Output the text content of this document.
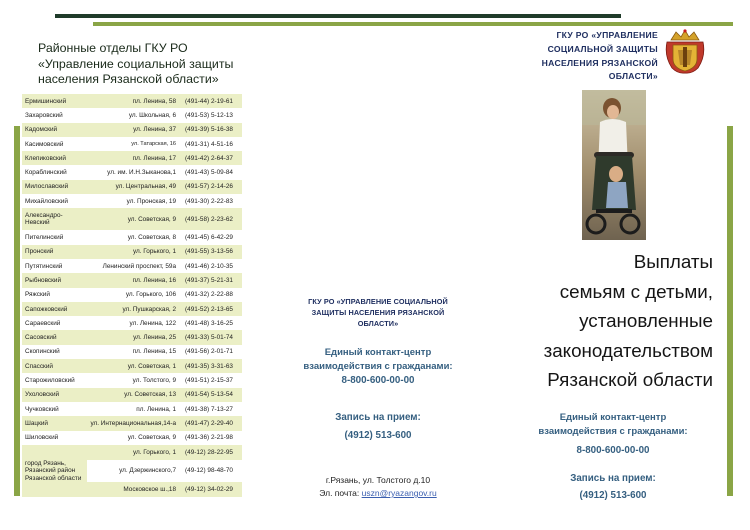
Районные отделы ГКУ РО
«Управление социальной защиты
населения Рязанской области»
Ермишинский	пл. Ленина, 58	(491-44) 2-19-61
Захаровский	ул. Школьная, 6	(491-53) 5-12-13
Кадомский	ул. Ленина, 37	(491-39) 5-16-38
Касимовский	ул. Татарская, 16	(491-31) 4-51-16
Клепиковский	пл. Ленина, 17	(491-42) 2-64-37
Кораблинский	ул. им. И.Н.Зыканова,1	(491-43) 5-09-84
Милославский	ул. Центральная, 49	(491-57) 2-14-26
Михайловский	ул. Пронская, 19	(491-30) 2-22-83
Александро-Невский	ул. Советская, 9	(491-58) 2-23-62
Пителинский	ул. Советская, 8	(491-45) 6-42-29
Пронский	ул. Горького, 1	(491-55) 3-13-56
Путятинский	Ленинский проспект, 59а	(491-46) 2-10-35
Рыбновский	пл. Ленина, 16	(491-37) 5-21-31
Ряжский	ул. Горького, 106	(491-32) 2-22-88
Сапожковский	ул. Пушкарская, 2	(491-52) 2-13-65
Сараевский	ул. Ленина, 122	(491-48) 3-16-25
Сасовский	ул. Ленина, 25	(491-33) 5-01-74
Скопинский	пл. Ленина, 15	(491-56) 2-01-71
Спасский	ул. Советская, 1	(491-35) 3-31-63
Старожиловский	ул. Толстого, 9	(491-51) 2-15-37
Ухоловский	ул. Советская, 13	(491-54) 5-13-54
Чучковский	пл. Ленина, 1	(491-38) 7-13-27
Шацкий	ул. Интернациональная,14-а	(491-47) 2-29-40
Шиловский	ул. Советская, 9	(491-36) 2-21-98
город Рязань, Рязанский район Рязанской области	ул. Горького, 1	(49-12) 28-22-95
	ул. Дзержинского,7	(49-12) 98-48-70
	Московское ш.,18	(49-12) 34-02-29
ГКУ РО «УПРАВЛЕНИЕ СОЦИАЛЬНОЙ
ЗАЩИТЫ НАСЕЛЕНИЯ РЯЗАНСКОЙ
ОБЛАСТИ»
Единый контакт-центр
взаимодействия с гражданами:
8-800-600-00-00
Запись на прием:
(4912) 513-600
г.Рязань, ул. Толстого д.10
Эл. почта: uszn@ryazangov.ru
ГКУ РО «УПРАВЛЕНИЕ
СОЦИАЛЬНОЙ ЗАЩИТЫ
НАСЕЛЕНИЯ РЯЗАНСКОЙ
ОБЛАСТИ»
Выплаты
семьям с детьми,
установленные
законодательством
Рязанской области
Единый контакт-центр
взаимодействия с гражданами:
8-800-600-00-00
Запись на прием:
(4912) 513-600
